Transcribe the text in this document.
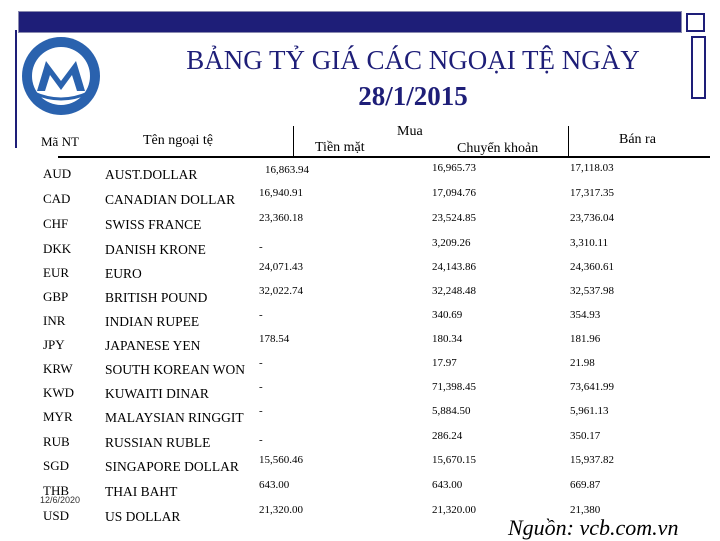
BẢNG TỶ GIÁ CÁC NGOẠI TỆ NGÀY
28/1/2015
Mã NT	Tên ngoại tệ
Mua
Tiền mặt	Chuyển khoản
Bán ra
AUD	AUST.DOLLAR	16,863.94	16,965.73	17,118.03
CAD	CANADIAN DOLLAR 16,940.91	17,094.76	17,317.35
CHF	SWISS FRANCE	23,360.18	23,524.85	23,736.04
DKK	DANISH KRONE	-	3,209.26	3,310.11
EUR	EURO	24,071.43	24,143.86	24,360.61
GBP	BRITISH POUND	32,022.74	32,248.48	32,537.98
INR	INDIAN RUPEE	-	340.69	354.93
JPY	JAPANESE YEN	178.54	180.34	181.96
KRW SOUTH KOREAN WON -	17.97	21.98
KWD KUWAITI DINAR	-	71,398.45	73,641.99
MYR MALAYSIAN RINGGIT -	5,884.50	5,961.13
RUB	RUSSIAN RUBLE	-	286.24	350.17
SGD	SINGAPORE DOLLAR 15,560.46	15,670.15	15,937.82
THB	THAI BAHT	643.00	643.00	669.87
USD	US DOLLAR	21,320.00	21,320.00	21,380
12/6/2020
Nguồn: vcb.com.vn
